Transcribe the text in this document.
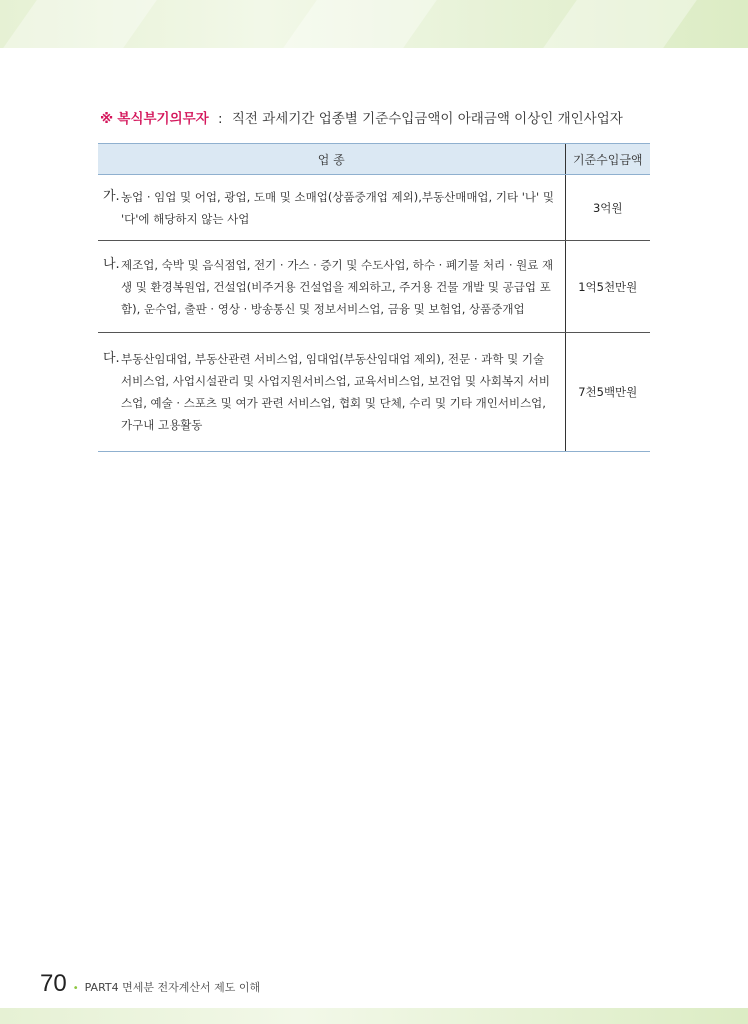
※ 복식부기의무자 : 직전 과세기간 업종별 기준수입금액이 아래금액 이상인 개인사업자
업 종	기준수입금액

가. 농업 · 임업 및 어업, 광업, 도매 및 소매업(상품중개업 제외),부동산매매업, 기타 '나' 및 '다'에 해당하지 않는 사업	3억원

나. 제조업, 숙박 및 음식점업, 전기 · 가스 · 증기 및 수도사업, 하수 · 폐기물 처리 · 원료 재생 및 환경복원업, 건설업(비주거용 건설업을 제외하고, 주거용 건물 개발 및 공급업 포함), 운수업, 출판 · 영상 · 방송통신 및 정보서비스업, 금융 및 보험업, 상품중개업	1억5천만원

다. 부동산임대업, 부동산관련 서비스업, 임대업(부동산임대업 제외), 전문 · 과학 및 기술 서비스업, 사업시설관리 및 사업지원서비스업, 교육서비스업, 보건업 및 사회복지 서비스업, 예술 · 스포츠 및 여가 관련 서비스업, 협회 및 단체, 수리 및 기타 개인서비스업, 가구내 고용활동	7천5백만원
70 • PART4 면세분 전자계산서 제도 이해
